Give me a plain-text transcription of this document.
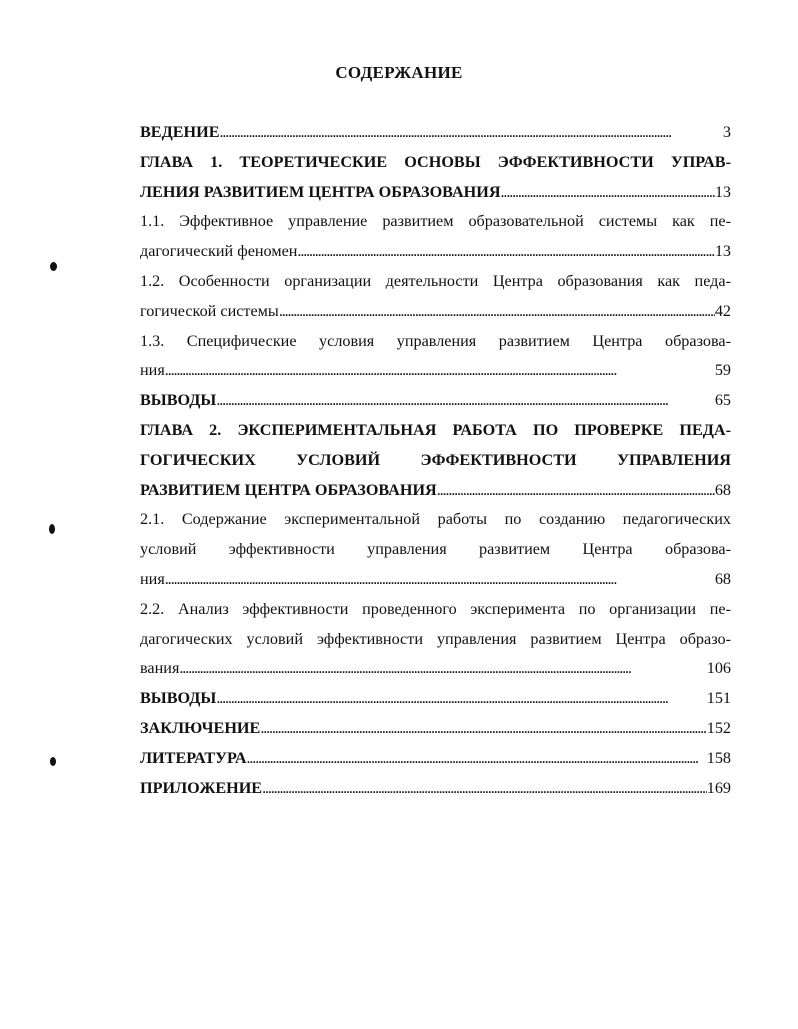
СОДЕРЖАНИЕ
ВЕДЕНИЕ . . .	3
ГЛАВА 1. ТЕОРЕТИЧЕСКИЕ ОСНОВЫ ЭФФЕКТИВНОСТИ УПРАВ-
ЛЕНИЯ РАЗВИТИЕМ ЦЕНТРА ОБРАЗОВАНИЯ . . .	13
1.1. Эффективное управление развитием образовательной системы как пе-
дагогический феномен . . .	13
1.2. Особенности организации деятельности Центра образования как педа-
гогической системы . . .	42
1.3. Специфические условия управления развитием Центра образова-
ния . . .	59
ВЫВОДЫ . . .	65
ГЛАВА 2. ЭКСПЕРИМЕНТАЛЬНАЯ РАБОТА ПО ПРОВЕРКЕ ПЕДА-
ГОГИЧЕСКИХ УСЛОВИЙ ЭФФЕКТИВНОСТИ УПРАВЛЕНИЯ
РАЗВИТИЕМ ЦЕНТРА ОБРАЗОВАНИЯ . . .	68
2.1. Содержание экспериментальной работы по созданию педагогических
условий эффективности управления развитием Центра образова-
ния . . .	68
2.2. Анализ эффективности проведенного эксперимента по организации пе-
дагогических условий эффективности управления развитием Центра образо-
вания . . .	106
ВЫВОДЫ . . .	151
ЗАКЛЮЧЕНИЕ . . .	152
ЛИТЕРАТУРА . . .	158
ПРИЛОЖЕНИЕ . . .	169
